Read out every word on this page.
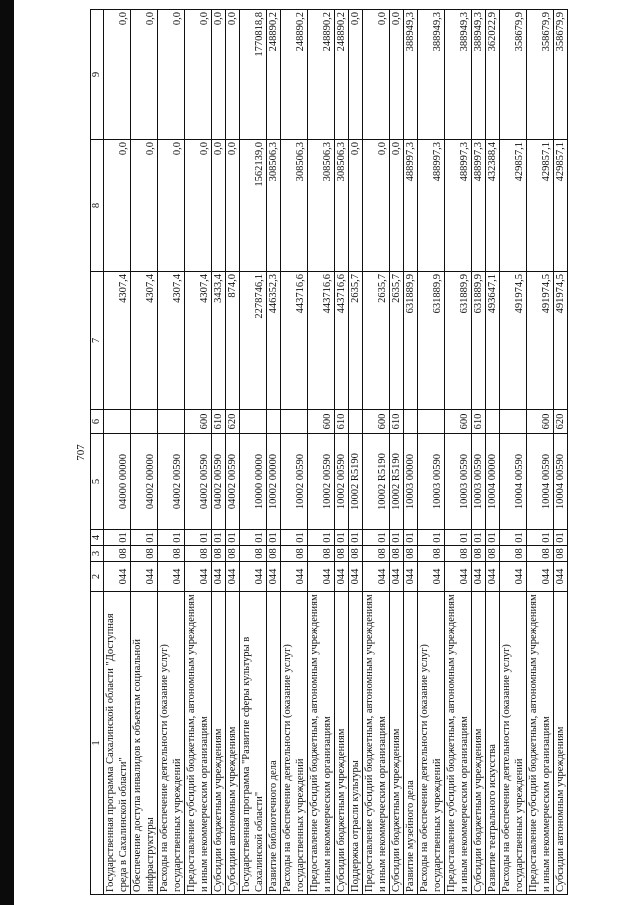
707
1	2	3	4	5	6	7	8	9
Государственная программа Сахалинской области "Доступная среда в Сахалинской области"	044	08	01	04000 00000		4307,4	0,0	0,0
Обеспечение доступа инвалидов к объектам социальной инфраструктуры	044	08	01	04002 00000		4307,4	0,0	0,0
Расходы на обеспечение деятельности (оказание услуг) государственных учреждений	044	08	01	04002 00590		4307,4	0,0	0,0
Предоставление субсидий бюджетным, автономным учреждениям и иным некоммерческим организациям	044	08	01	04002 00590	600	4307,4	0,0	0,0
Субсидии бюджетным учреждениям	044	08	01	04002 00590	610	3433,4	0,0	0,0
Субсидии автономным учреждениям	044	08	01	04002 00590	620	874,0	0,0	0,0
Государственная программа "Развитие сферы культуры в Сахалинской области"	044	08	01	10000 00000		2278746,1	1562139,0	1770818,8
Развитие библиотечного дела	044	08	01	10002 00000		446352,3	308506,3	248890,2
Расходы на обеспечение деятельности (оказание услуг) государственных учреждений	044	08	01	10002 00590		443716,6	308506,3	248890,2
Предоставление субсидий бюджетным, автономным учреждениям и иным некоммерческим организациям	044	08	01	10002 00590	600	443716,6	308506,3	248890,2
Субсидии бюджетным учреждениям	044	08	01	10002 00590	610	443716,6	308506,3	248890,2
Поддержка отрасли культуры	044	08	01	10002 R5190		2635,7	0,0	0,0
Предоставление субсидий бюджетным, автономным учреждениям и иным некоммерческим организациям	044	08	01	10002 R5190	600	2635,7	0,0	0,0
Субсидии бюджетным учреждениям	044	08	01	10002 R5190	610	2635,7	0,0	0,0
Развитие музейного дела	044	08	01	10003 00000		631889,9	488997,3	388949,3
Расходы на обеспечение деятельности (оказание услуг) государственных учреждений	044	08	01	10003 00590		631889,9	488997,3	388949,3
Предоставление субсидий бюджетным, автономным учреждениям и иным некоммерческим организациям	044	08	01	10003 00590	600	631889,9	488997,3	388949,3
Субсидии бюджетным учреждениям	044	08	01	10003 00590	610	631889,9	488997,3	388949,3
Развитие театрального искусства	044	08	01	10004 00000		493647,1	432388,4	362022,9
Расходы на обеспечение деятельности (оказание услуг) государственных учреждений	044	08	01	10004 00590		491974,5	429857,1	358679,9
Предоставление субсидий бюджетным, автономным учреждениям и иным некоммерческим организациям	044	08	01	10004 00590	600	491974,5	429857,1	358679,9
Субсидии автономным учреждениям	044	08	01	10004 00590	620	491974,5	429857,1	358679,9
